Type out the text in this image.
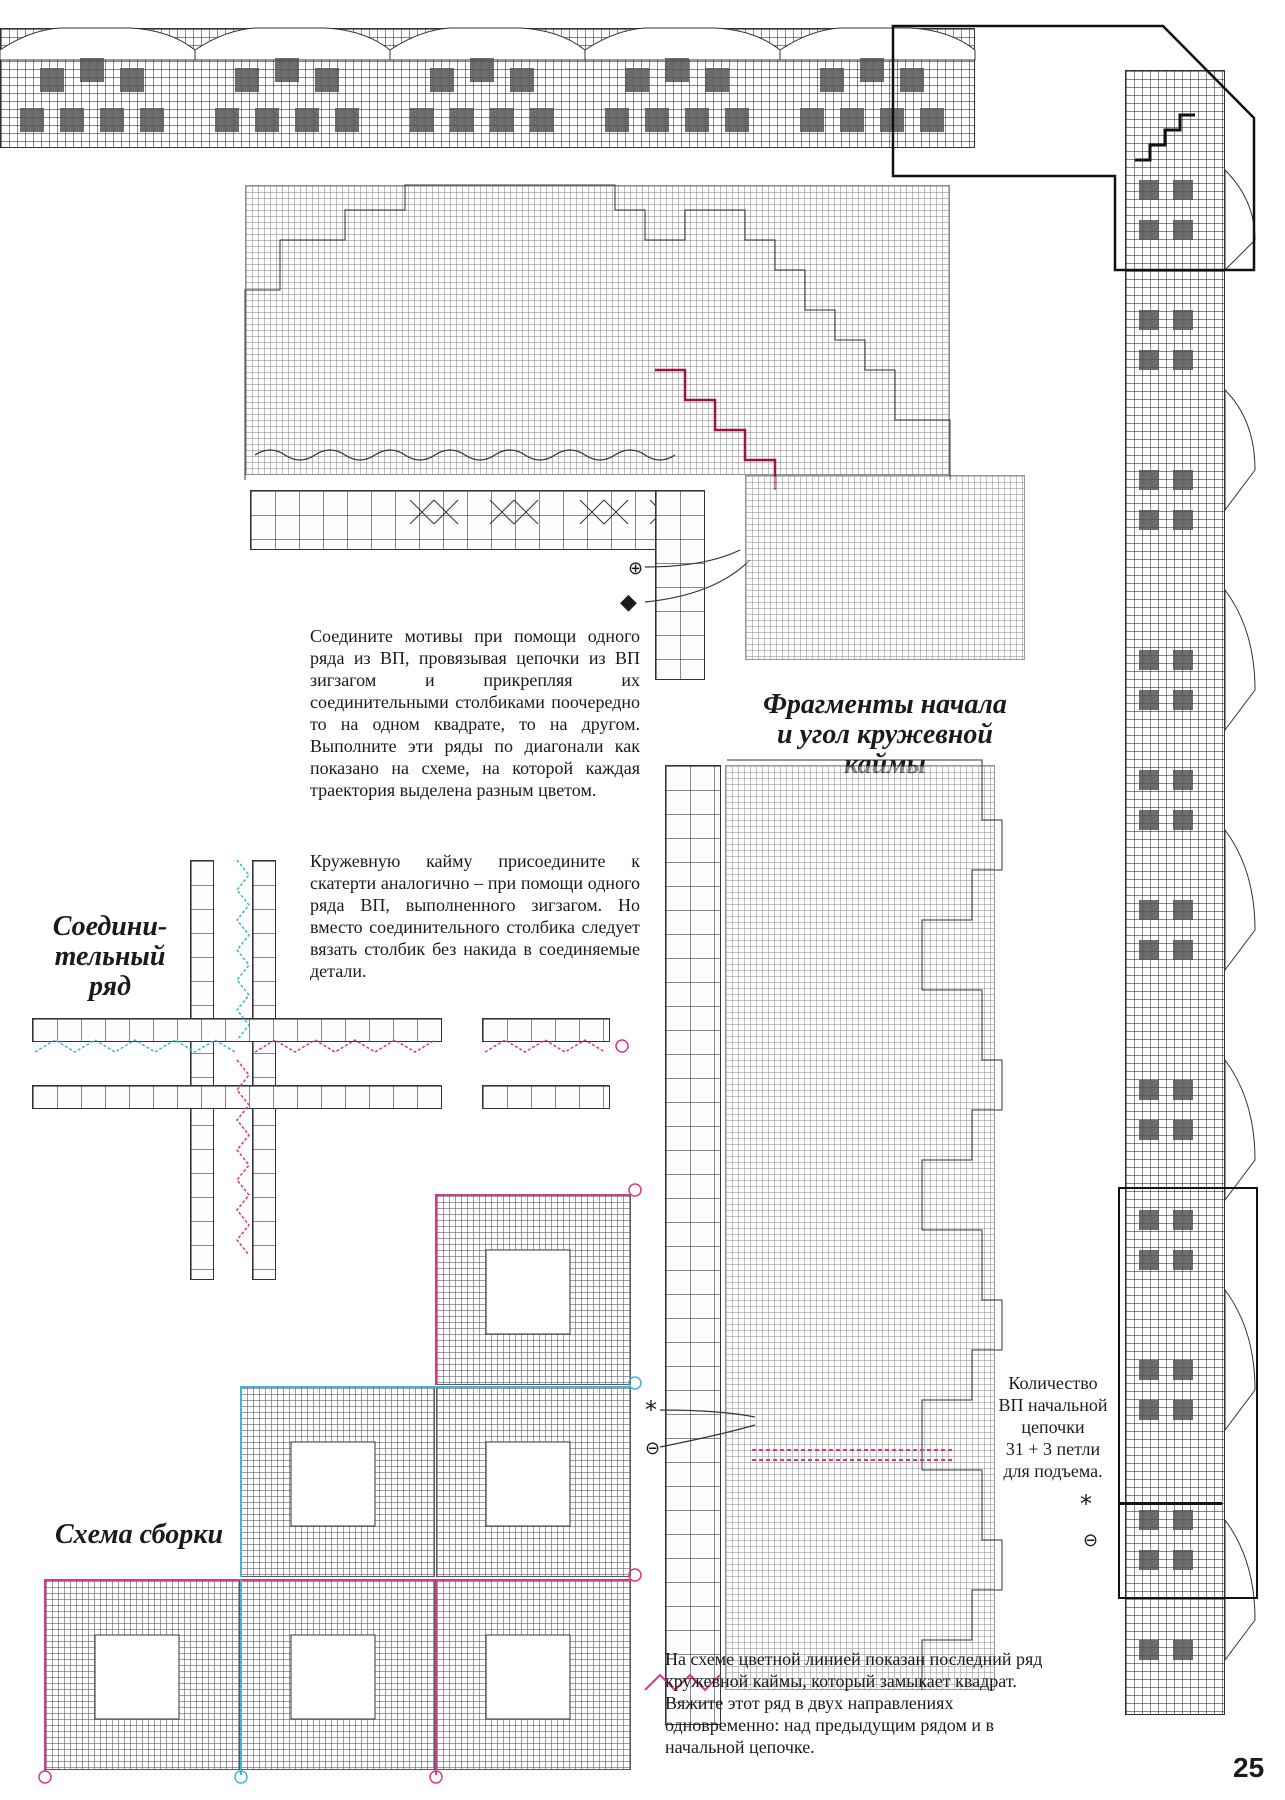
⊕
◆
Соедините мотивы при помощи одного ряда из ВП, провязывая цепочки из ВП зигзагом и прикрепляя их соединительными столбиками поочередно то на одном квадрате, то на другом. Выполните эти ряды по диагонали как показано на схеме, на которой каждая траектория выделена разным цветом.
Кружевную кайму присоедините к скатерти аналогично – при помощи одного ряда ВП, выполненного зигзагом. Но вместо соединительного столбика следует вязать столбик без накида в соединяемые детали.
Фрагменты начала
и угол кружевной
Соедини-
тельный
ряд
Схема сборки
*
⊖
Количество
ВП начальной
цепочки
31 + 3 петли
для подъема.
*
⊖
На схеме цветной линией показан последний ряд кружевной каймы, который замыкает квадрат. Вяжите этот ряд в двух направлениях одновременно: над предыдущим рядом и в начальной цепочке.
25
